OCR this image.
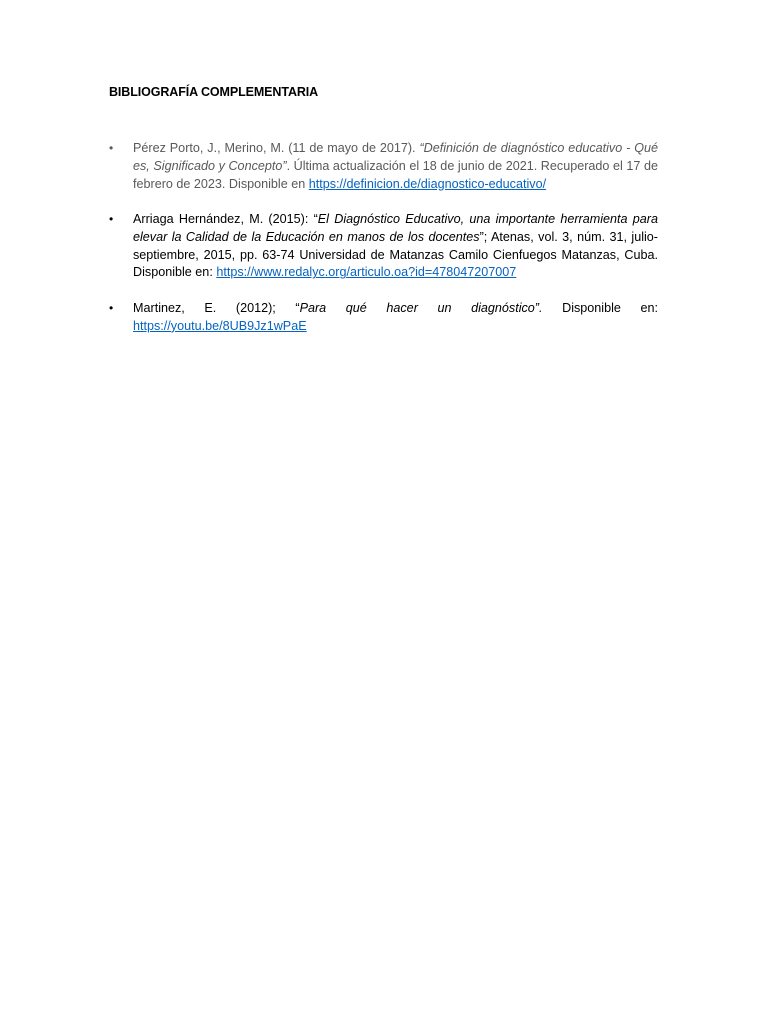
BIBLIOGRAFÍA COMPLEMENTARIA
•	Pérez Porto, J., Merino, M. (11 de mayo de 2017). “Definición de diagnóstico educativo - Qué es, Significado y Concepto”. Última actualización el 18 de junio de 2021. Recuperado el 17 de febrero de 2023. Disponible en https://definicion.de/diagnostico-educativo/
•	Arriaga Hernández, M. (2015): “El Diagnóstico Educativo, una importante herramienta para elevar la Calidad de la Educación en manos de los docentes”; Atenas, vol. 3, núm. 31, julio-septiembre, 2015, pp. 63-74 Universidad de Matanzas Camilo Cienfuegos Matanzas, Cuba. Disponible en: https://www.redalyc.org/articulo.oa?id=478047207007
•	Martinez, E. (2012); “Para qué hacer un diagnóstico”. Disponible en:
https://youtu.be/8UB9Jz1wPaE
